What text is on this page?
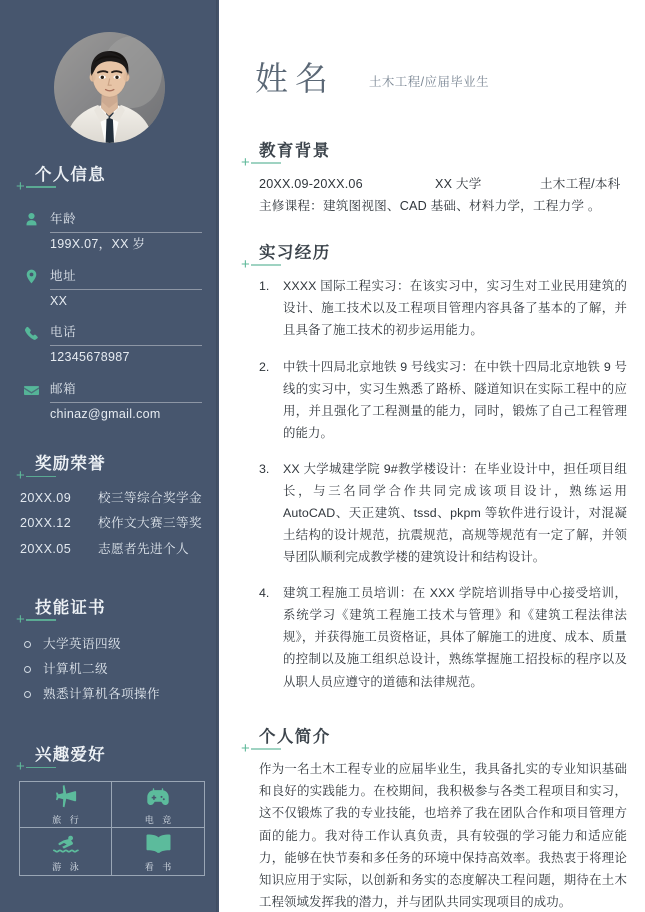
个人信息
+
年龄
199X.07，XX 岁
地址
XX
电话
12345678987
邮箱
chinaz@gmail.com
奖励荣誉
+
20XX.09	校三等综合奖学金
20XX.12	校作文大赛三等奖
20XX.05	志愿者先进个人
技能证书
+
大学英语四级
计算机二级
熟悉计算机各项操作
兴趣爱好
+
旅 行	电 竞
游 泳	看 书
姓名	土木工程/应届毕业生
教育背景
+
20XX.09-20XX.06	XX 大学	土木工程/本科
主修课程：建筑图视图、CAD 基础、材料力学，工程力学 。
实习经历
+
1.	XXXX 国际工程实习：在该实习中，实习生对工业民用建筑的设计、施工技术以及工程项目管理内容具备了基本的了解，并且具备了施工技术的初步运用能力。
2.	中铁十四局北京地铁 9 号线实习：在中铁十四局北京地铁 9 号线的实习中，实习生熟悉了路桥、隧道知识在实际工程中的应用，并且强化了工程测量的能力，同时，锻炼了自己工程管理的能力。
3.	XX 大学城建学院 9#教学楼设计：在毕业设计中，担任项目组长，与三名同学合作共同完成该项目设计，熟练运用 AutoCAD、天正建筑、tssd、pkpm 等软件进行设计，对混凝土结构的设计规范，抗震规范，高规等规范有一定了解，并领导团队顺利完成教学楼的建筑设计和结构设计。
4.	建筑工程施工员培训：在 XXX 学院培训指导中心接受培训，系统学习《建筑工程施工技术与管理》和《建筑工程法律法规》，并获得施工员资格证，具体了解施工的进度、成本、质量的控制以及施工组织总设计，熟练掌握施工招投标的程序以及从职人员应遵守的道德和法律规范。
个人简介
+
作为一名土木工程专业的应届毕业生，我具备扎实的专业知识基础和良好的实践能力。在校期间，我积极参与各类工程项目和实习，这不仅锻炼了我的专业技能，也培养了我在团队合作和项目管理方面的能力。我对待工作认真负责，具有较强的学习能力和适应能力，能够在快节奏和多任务的环境中保持高效率。我热衷于将理论知识应用于实际，以创新和务实的态度解决工程问题，期待在土木工程领域发挥我的潜力，并与团队共同实现项目的成功。
